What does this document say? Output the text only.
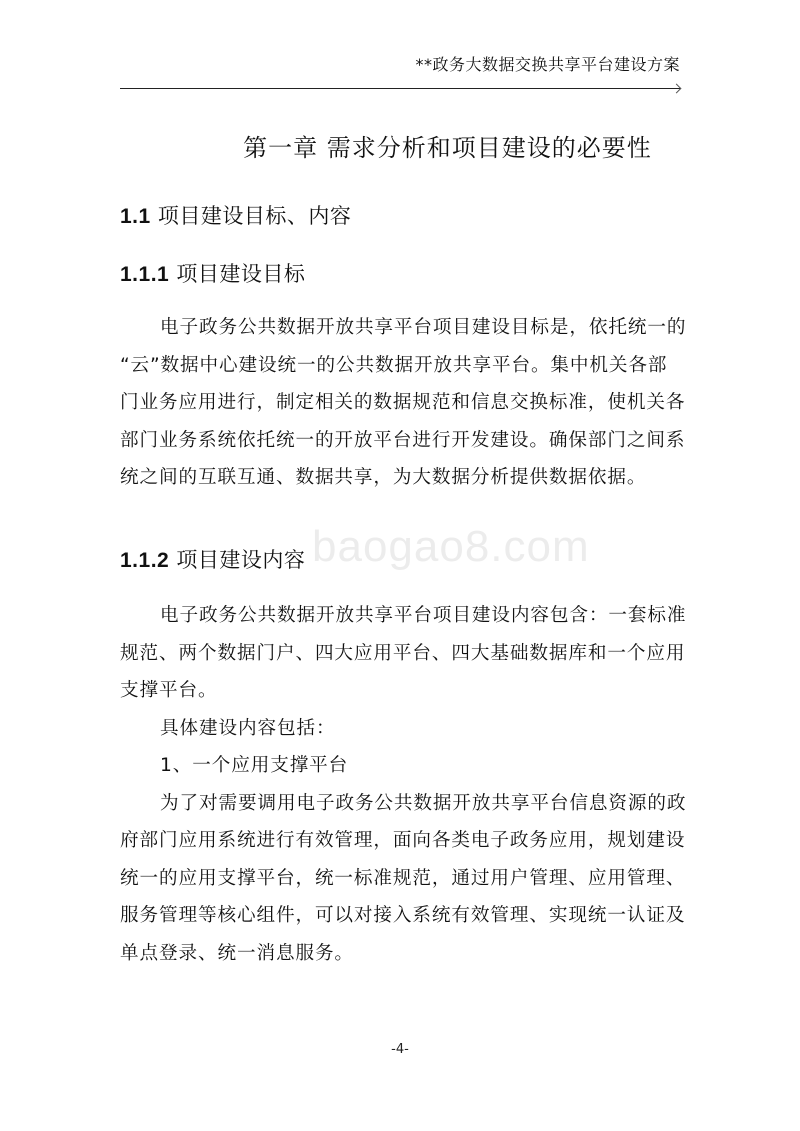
**政务大数据交换共享平台建设方案
第一章 需求分析和项目建设的必要性
1.1 项目建设目标、内容
1.1.1 项目建设目标
电子政务公共数据开放共享平台项目建设目标是，依托统一的
“云”数据中心建设统一的公共数据开放共享平台。集中机关各部
门业务应用进行，制定相关的数据规范和信息交换标准，使机关各
部门业务系统依托统一的开放平台进行开发建设。确保部门之间系
统之间的互联互通、数据共享，为大数据分析提供数据依据。
baogao8.com
1.1.2 项目建设内容
电子政务公共数据开放共享平台项目建设内容包含：一套标准
规范、两个数据门户、四大应用平台、四大基础数据库和一个应用
支撑平台。
具体建设内容包括：
1、一个应用支撑平台
为了对需要调用电子政务公共数据开放共享平台信息资源的政
府部门应用系统进行有效管理，面向各类电子政务应用，规划建设
统一的应用支撑平台，统一标准规范，通过用户管理、应用管理、
服务管理等核心组件，可以对接入系统有效管理、实现统一认证及
单点登录、统一消息服务。
-4-
